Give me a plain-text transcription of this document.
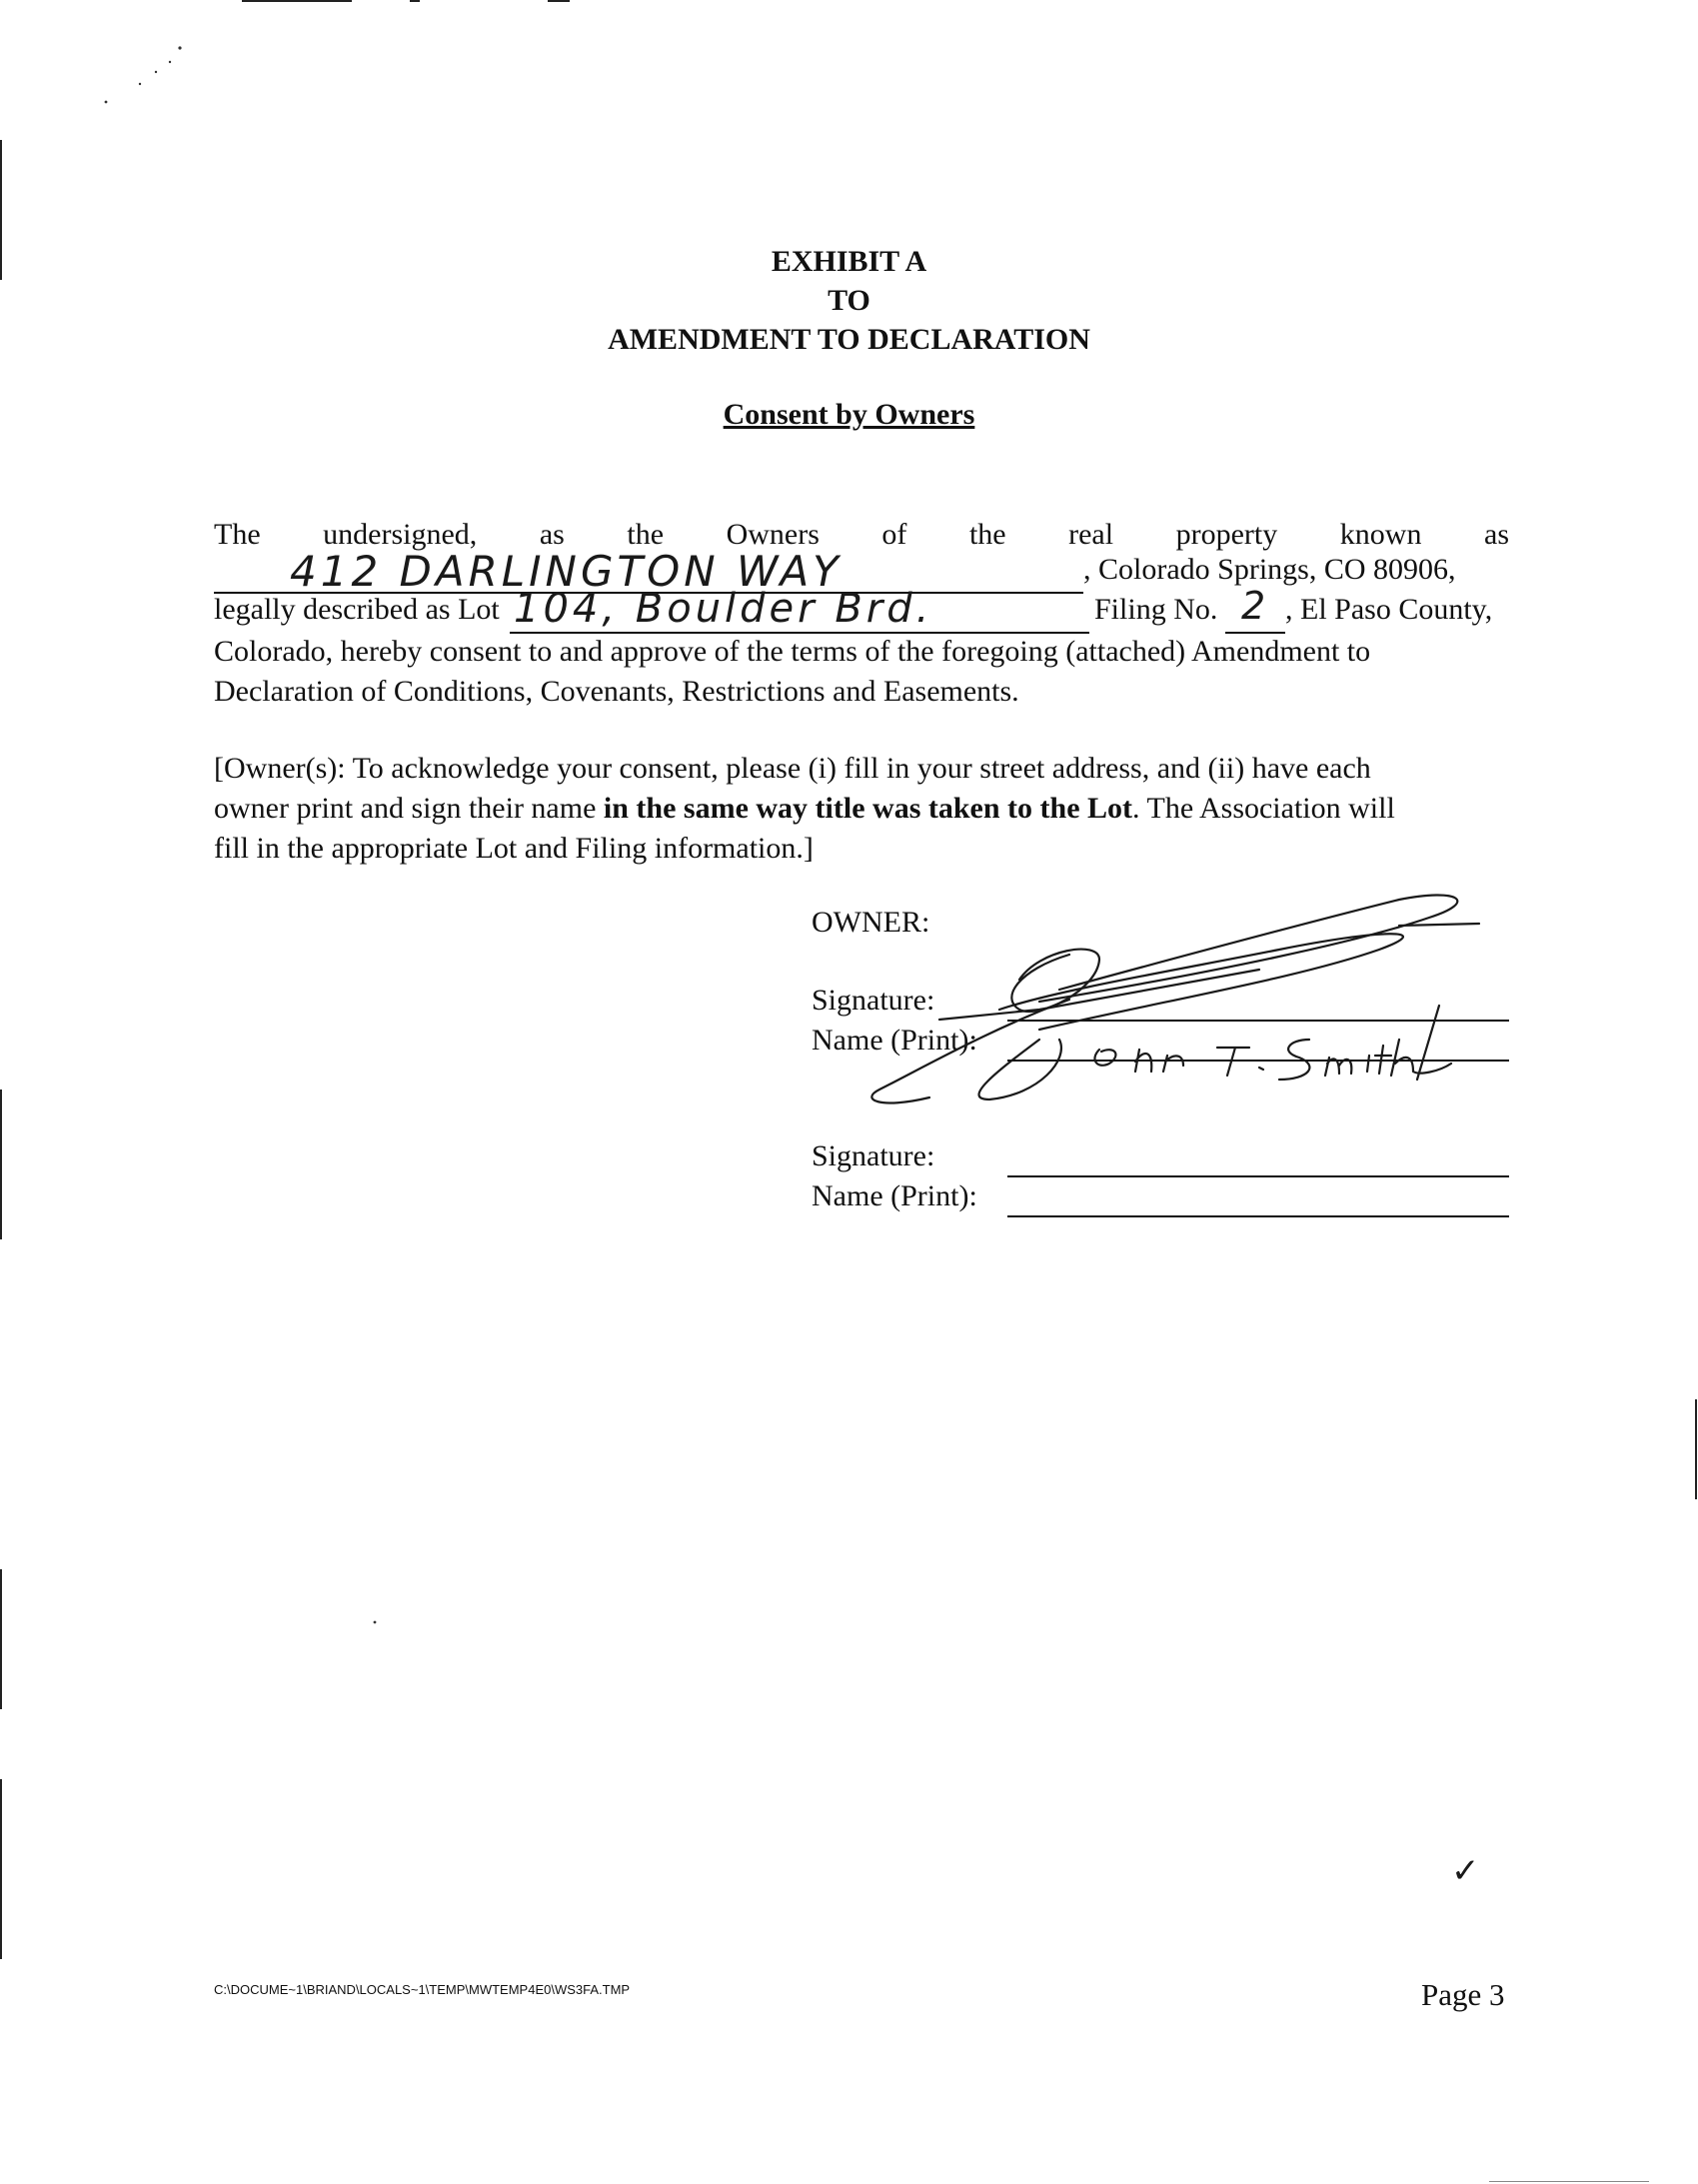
EXHIBIT A
TO
AMENDMENT TO DECLARATION
Consent by Owners
The undersigned, as the Owners of the real property known as
412 DARLINGTON WAY	, Colorado Springs, CO 80906,
legally described as Lot 104, Boulder Brd.	Filing No. 2 , El Paso County,
Colorado, hereby consent to and approve of the terms of the foregoing (attached) Amendment to
Declaration of Conditions, Covenants, Restrictions and Easements.
[Owner(s): To acknowledge your consent, please (i) fill in your street address, and (ii) have each
owner print and sign their name in the same way title was taken to the Lot. The Association will
fill in the appropriate Lot and Filing information.]
OWNER:
Signature:
Name (Print):
Signature:
Name (Print):
✓
C:\DOCUME~1\BRIAND\LOCALS~1\TEMP\MWTEMP4E0\WS3FA.TMP	Page 3
